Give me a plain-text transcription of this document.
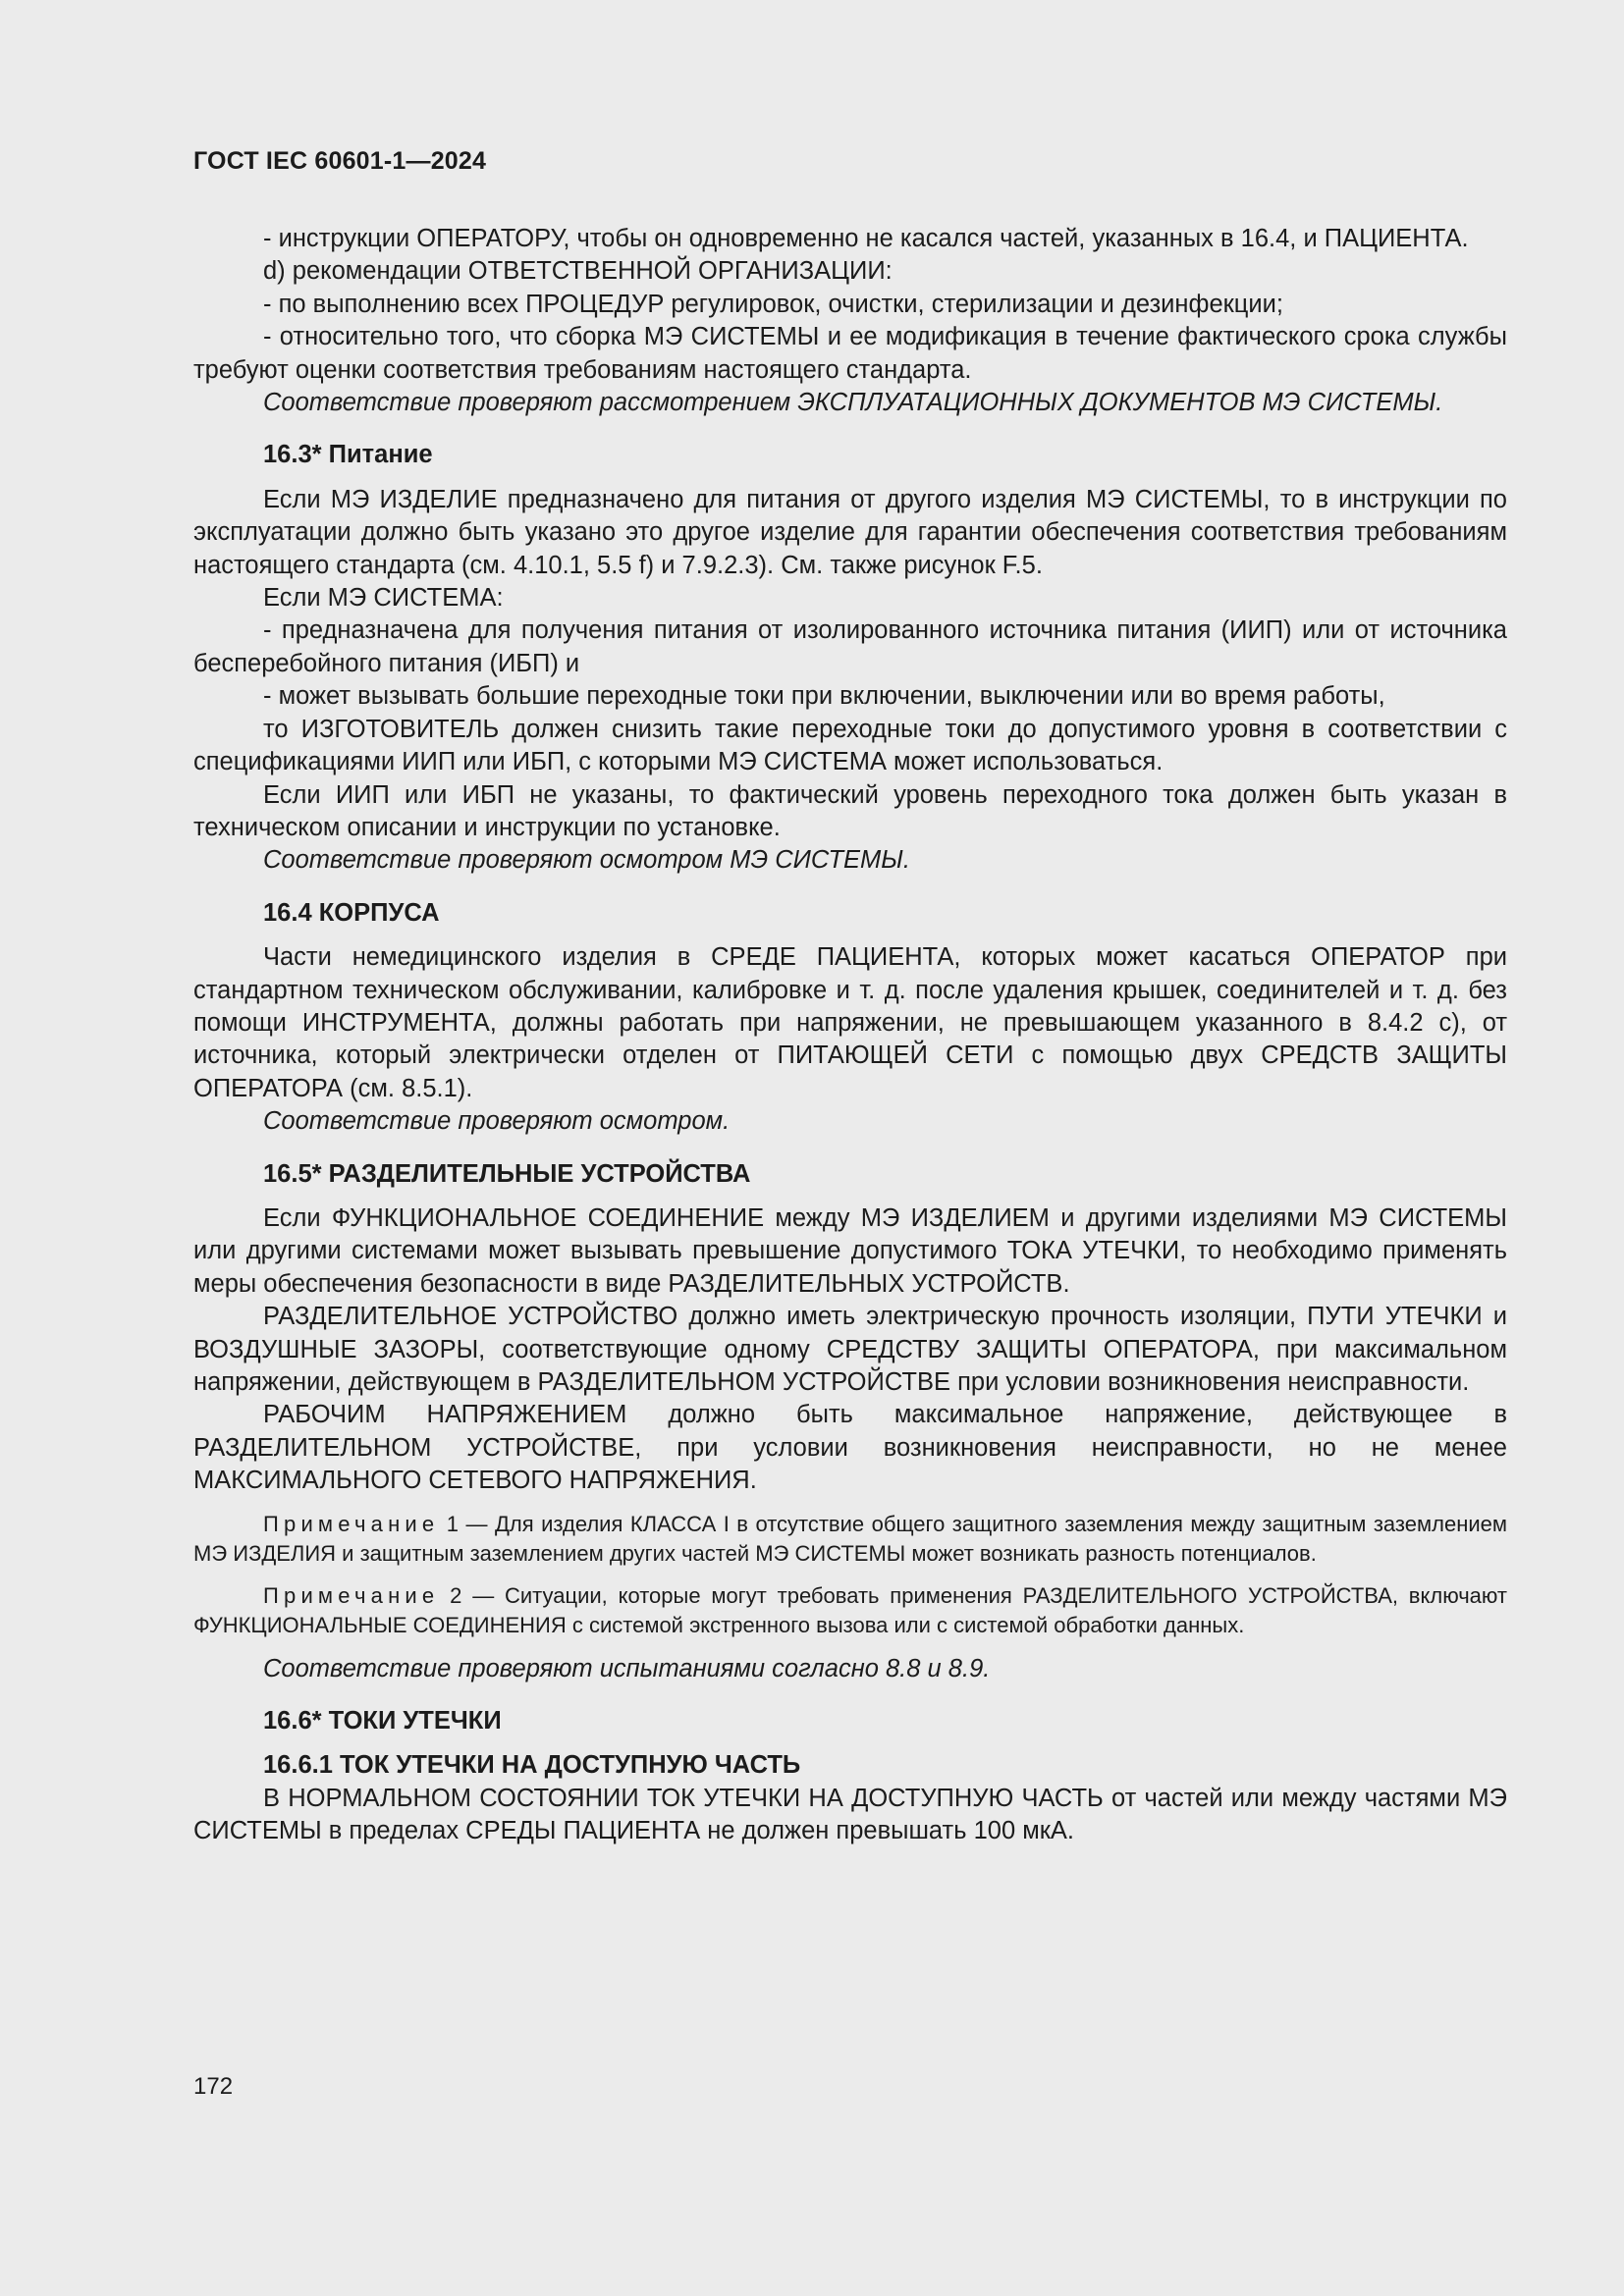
ГОСТ IEC 60601-1—2024

- инструкции ОПЕРАТОРУ, чтобы он одновременно не касался частей, указанных в 16.4, и ПАЦИЕНТА.

d) рекомендации ОТВЕТСТВЕННОЙ ОРГАНИЗАЦИИ:

- по выполнению всех ПРОЦЕДУР регулировок, очистки, стерилизации и дезинфекции;

- относительно того, что сборка МЭ СИСТЕМЫ и ее модификация в течение фактического срока службы требуют оценки соответствия требованиям настоящего стандарта.

Соответствие проверяют рассмотрением ЭКСПЛУАТАЦИОННЫХ ДОКУМЕНТОВ МЭ СИСТЕМЫ.

16.3* Питание

Если МЭ ИЗДЕЛИЕ предназначено для питания от другого изделия МЭ СИСТЕМЫ, то в инструкции по эксплуатации должно быть указано это другое изделие для гарантии обеспечения соответствия требованиям настоящего стандарта (см. 4.10.1, 5.5 f) и 7.9.2.3). См. также рисунок F.5.

Если МЭ СИСТЕМА:

- предназначена для получения питания от изолированного источника питания (ИИП) или от источника бесперебойного питания (ИБП) и

- может вызывать большие переходные токи при включении, выключении или во время работы,

то ИЗГОТОВИТЕЛЬ должен снизить такие переходные токи до допустимого уровня в соответствии с спецификациями ИИП или ИБП, с которыми МЭ СИСТЕМА может использоваться.

Если ИИП или ИБП не указаны, то фактический уровень переходного тока должен быть указан в техническом описании и инструкции по установке.

Соответствие проверяют осмотром МЭ СИСТЕМЫ.

16.4 КОРПУСА

Части немедицинского изделия в СРЕДЕ ПАЦИЕНТА, которых может касаться ОПЕРАТОР при стандартном техническом обслуживании, калибровке и т. д. после удаления крышек, соединителей и т. д. без помощи ИНСТРУМЕНТА, должны работать при напряжении, не превышающем указанного в 8.4.2 c), от источника, который электрически отделен от ПИТАЮЩЕЙ СЕТИ с помощью двух СРЕДСТВ ЗАЩИТЫ ОПЕРАТОРА (см. 8.5.1).

Соответствие проверяют осмотром.

16.5* РАЗДЕЛИТЕЛЬНЫЕ УСТРОЙСТВА

Если ФУНКЦИОНАЛЬНОЕ СОЕДИНЕНИЕ между МЭ ИЗДЕЛИЕМ и другими изделиями МЭ СИСТЕМЫ или другими системами может вызывать превышение допустимого ТОКА УТЕЧКИ, то необходимо применять меры обеспечения безопасности в виде РАЗДЕЛИТЕЛЬНЫХ УСТРОЙСТВ.

РАЗДЕЛИТЕЛЬНОЕ УСТРОЙСТВО должно иметь электрическую прочность изоляции, ПУТИ УТЕЧКИ и ВОЗДУШНЫЕ ЗАЗОРЫ, соответствующие одному СРЕДСТВУ ЗАЩИТЫ ОПЕРАТОРА, при максимальном напряжении, действующем в РАЗДЕЛИТЕЛЬНОМ УСТРОЙСТВЕ при условии возникновения неисправности.

РАБОЧИМ НАПРЯЖЕНИЕМ должно быть максимальное напряжение, действующее в РАЗДЕЛИТЕЛЬНОМ УСТРОЙСТВЕ, при условии возникновения неисправности, но не менее МАКСИМАЛЬНОГО СЕТЕВОГО НАПРЯЖЕНИЯ.

Примечание 1 — Для изделия КЛАССА I в отсутствие общего защитного заземления между защитным заземлением МЭ ИЗДЕЛИЯ и защитным заземлением других частей МЭ СИСТЕМЫ может возникать разность потенциалов.

Примечание 2 — Ситуации, которые могут требовать применения РАЗДЕЛИТЕЛЬНОГО УСТРОЙСТВА, включают ФУНКЦИОНАЛЬНЫЕ СОЕДИНЕНИЯ с системой экстренного вызова или с системой обработки данных.

Соответствие проверяют испытаниями согласно 8.8 и 8.9.

16.6* ТОКИ УТЕЧКИ

16.6.1 ТОК УТЕЧКИ НА ДОСТУПНУЮ ЧАСТЬ

В НОРМАЛЬНОМ СОСТОЯНИИ ТОК УТЕЧКИ НА ДОСТУПНУЮ ЧАСТЬ от частей или между частями МЭ СИСТЕМЫ в пределах СРЕДЫ ПАЦИЕНТА не должен превышать 100 мкА.

172
